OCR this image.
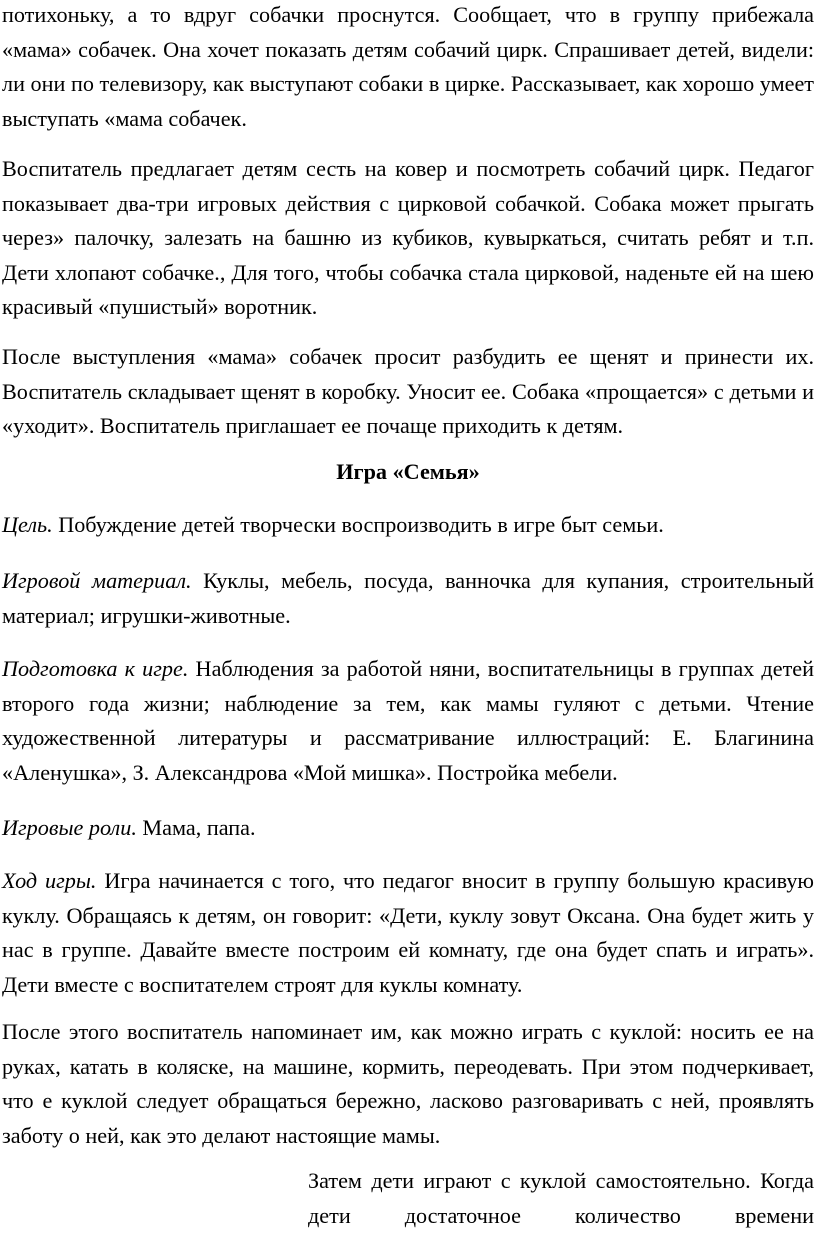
потихоньку, а то вдруг собачки проснутся. Сообщает, что в группу прибежала «мама» собачек. Она хочет показать детям собачий цирк. Спрашивает детей, видели: ли они по телевизору, как выступают собаки в цирке. Рассказывает, как хорошо умеет выступать «мама собачек.

Воспитатель предлагает детям сесть на ковер и посмотреть собачий цирк. Педагог показывает два-три игровых действия с цирковой собачкой. Собака может прыгать через» палочку, залезать на башню из кубиков, кувыркаться, считать ребят и т.п. Дети хлопают собачке., Для того, чтобы собачка стала цирковой, наденьте ей на шею красивый «пушистый» воротник.

После выступления «мама» собачек просит разбудить ее щенят и принести их. Воспитатель складывает щенят в коробку. Уносит ее. Собака «прощается» с детьми и «уходит». Воспитатель приглашает ее почаще приходить к детям.

Игра «Семья»

Цель. Побуждение детей творчески воспроизводить в игре быт семьи.

Игровой материал. Куклы, мебель, посуда, ванночка для купания, строительный материал; игрушки-животные.

Подготовка к игре. Наблюдения за работой няни, воспитательницы в группах детей второго года жизни; наблюдение за тем, как мамы гуляют с детьми. Чтение художественной литературы и рассматривание иллюстраций: Е. Благинина «Аленушка», З. Александрова «Мой мишка». Постройка мебели.

Игровые роли. Мама, папа.

Ход игры. Игра начинается с того, что педагог вносит в группу большую красивую куклу. Обращаясь к детям, он говорит: «Дети, куклу зовут Оксана. Она будет жить у нас в группе. Давайте вместе построим ей комнату, где она будет спать и играть». Дети вместе с воспитателем строят для куклы комнату.

После этого воспитатель напоминает им, как можно играть с куклой: носить ее на руках, катать в коляске, на машине, кормить, переодевать. При этом подчеркивает, что е куклой следует обращаться бережно, ласково разговаривать с ней, проявлять заботу о ней, как это делают настоящие мамы.

Затем дети играют с куклой самостоятельно. Когда дети достаточное количество времени
